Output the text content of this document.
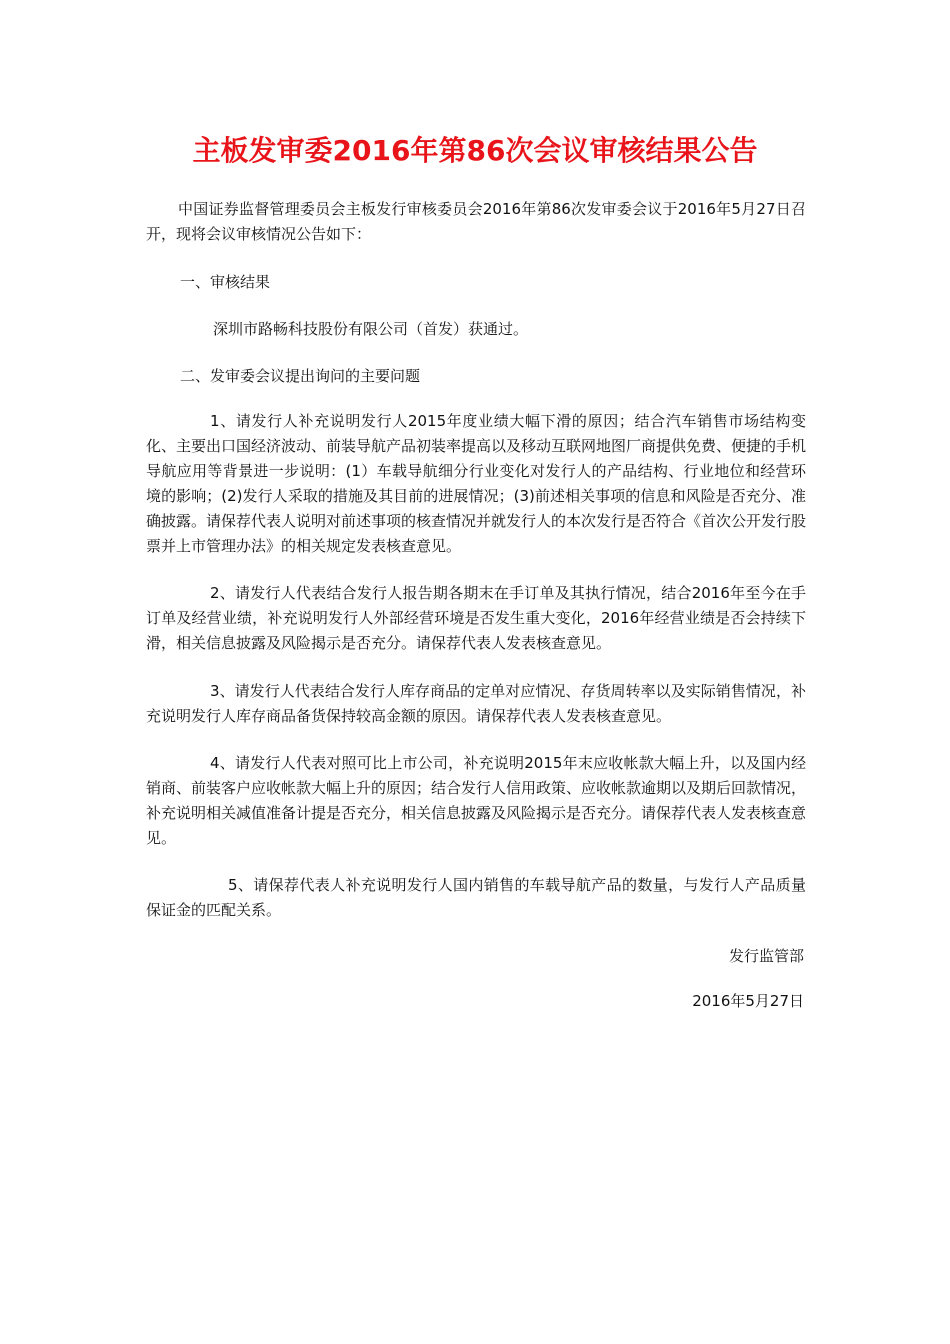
主板发审委2016年第86次会议审核结果公告

中国证券监督管理委员会主板发行审核委员会2016年第86次发审委会议于2016年5月27日召开，现将会议审核情况公告如下：

一、审核结果
深圳市路畅科技股份有限公司（首发）获通过。
二、发审委会议提出询问的主要问题

1、请发行人补充说明发行人2015年度业绩大幅下滑的原因；结合汽车销售市场结构变化、主要出口国经济波动、前装导航产品初装率提高以及移动互联网地图厂商提供免费、便捷的手机导航应用等背景进一步说明：(1）车载导航细分行业变化对发行人的产品结构、行业地位和经营环境的影响；(2)发行人采取的措施及其目前的进展情况；(3)前述相关事项的信息和风险是否充分、准确披露。请保荐代表人说明对前述事项的核查情况并就发行人的本次发行是否符合《首次公开发行股票并上市管理办法》的相关规定发表核查意见。

2、请发行人代表结合发行人报告期各期末在手订单及其执行情况，结合2016年至今在手订单及经营业绩，补充说明发行人外部经营环境是否发生重大变化，2016年经营业绩是否会持续下滑，相关信息披露及风险揭示是否充分。请保荐代表人发表核查意见。

3、请发行人代表结合发行人库存商品的定单对应情况、存货周转率以及实际销售情况，补充说明发行人库存商品备货保持较高金额的原因。请保荐代表人发表核查意见。

4、请发行人代表对照可比上市公司，补充说明2015年末应收帐款大幅上升，以及国内经销商、前装客户应收帐款大幅上升的原因；结合发行人信用政策、应收帐款逾期以及期后回款情况，补充说明相关减值准备计提是否充分，相关信息披露及风险揭示是否充分。请保荐代表人发表核查意见。

5、请保荐代表人补充说明发行人国内销售的车载导航产品的数量，与发行人产品质量保证金的匹配关系。

发行监管部
2016年5月27日
